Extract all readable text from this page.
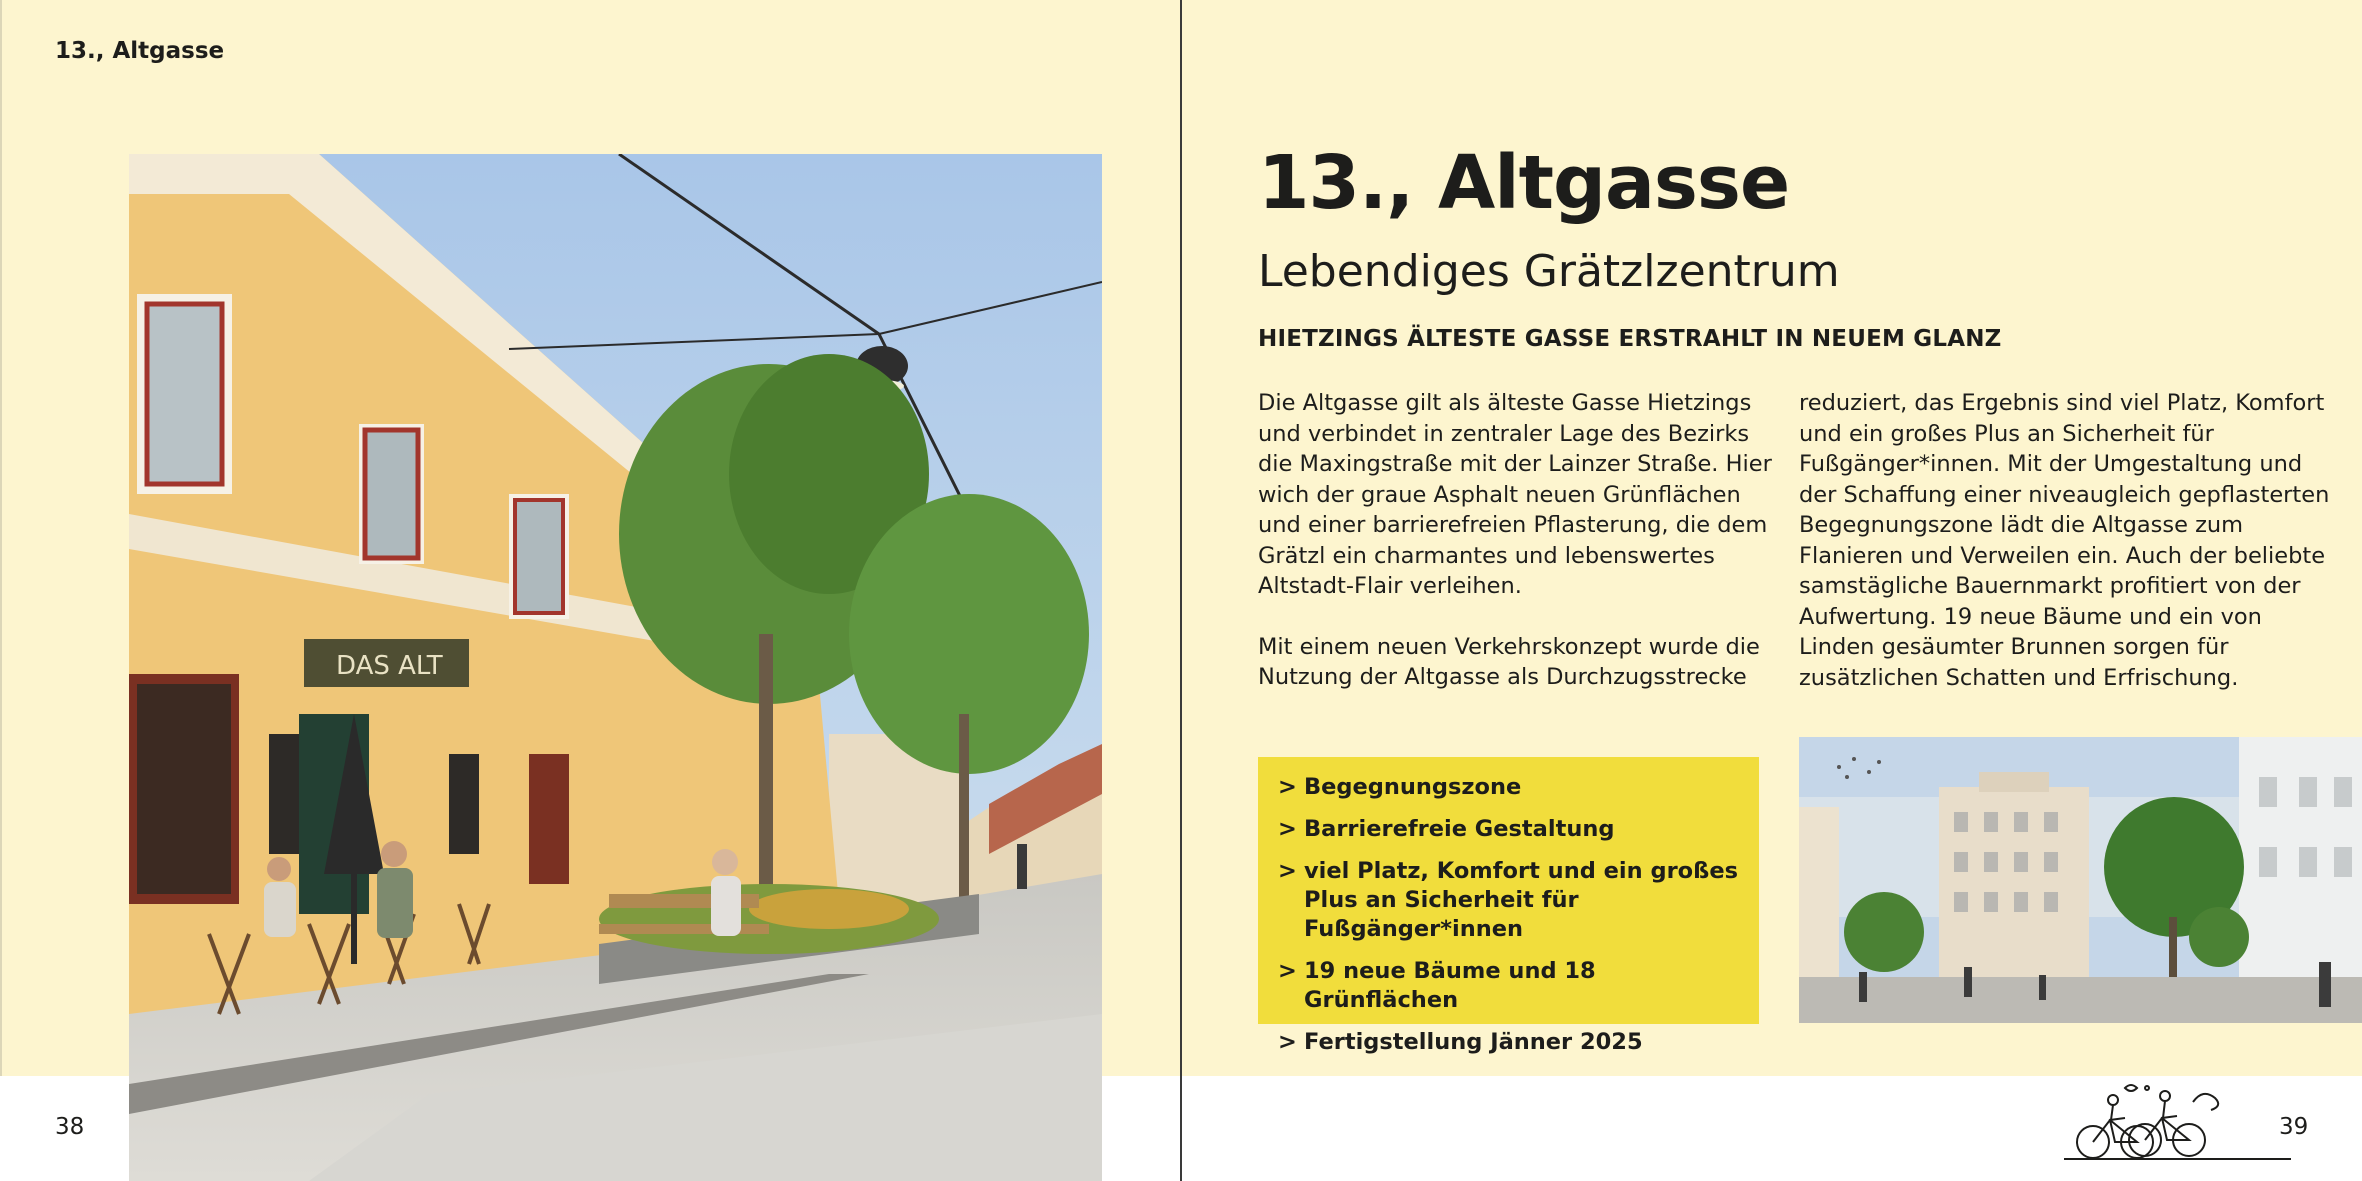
13., Altgasse
DAS ALT
38
13., Altgasse
Lebendiges Grätzlzentrum
HIETZINGS ÄLTESTE GASSE ERSTRAHLT IN NEUEM GLANZ

Die Altgasse gilt als älteste Gasse Hietzings und verbindet in zentraler Lage des Bezirks die Maxingstraße mit der Lainzer Straße. Hier wich der graue Asphalt neuen Grünflächen und einer barrierefreien Pflasterung, die dem Grätzl ein charmantes und lebenswertes Altstadt-Flair verleihen.

Mit einem neuen Verkehrskonzept wurde die Nutzung der Altgasse als Durchzugsstrecke

reduziert, das Ergebnis sind viel Platz, Komfort und ein großes Plus an Sicherheit für Fußgänger*innen. Mit der Umgestaltung und der Schaffung einer niveaugleich gepflasterten Begegnungszone lädt die Altgasse zum Flanieren und Verweilen ein. Auch der beliebte samstägliche Bauernmarkt profitiert von der Aufwertung. 19 neue Bäume und ein von Linden gesäumter Brunnen sorgen für zusätzlichen Schatten und Erfrischung.

> Begegnungszone
> Barrierefreie Gestaltung
> viel Platz, Komfort und ein großes Plus an Sicherheit für Fußgänger*innen
> 19 neue Bäume und 18 Grünflächen
> Fertigstellung Jänner 2025
39
